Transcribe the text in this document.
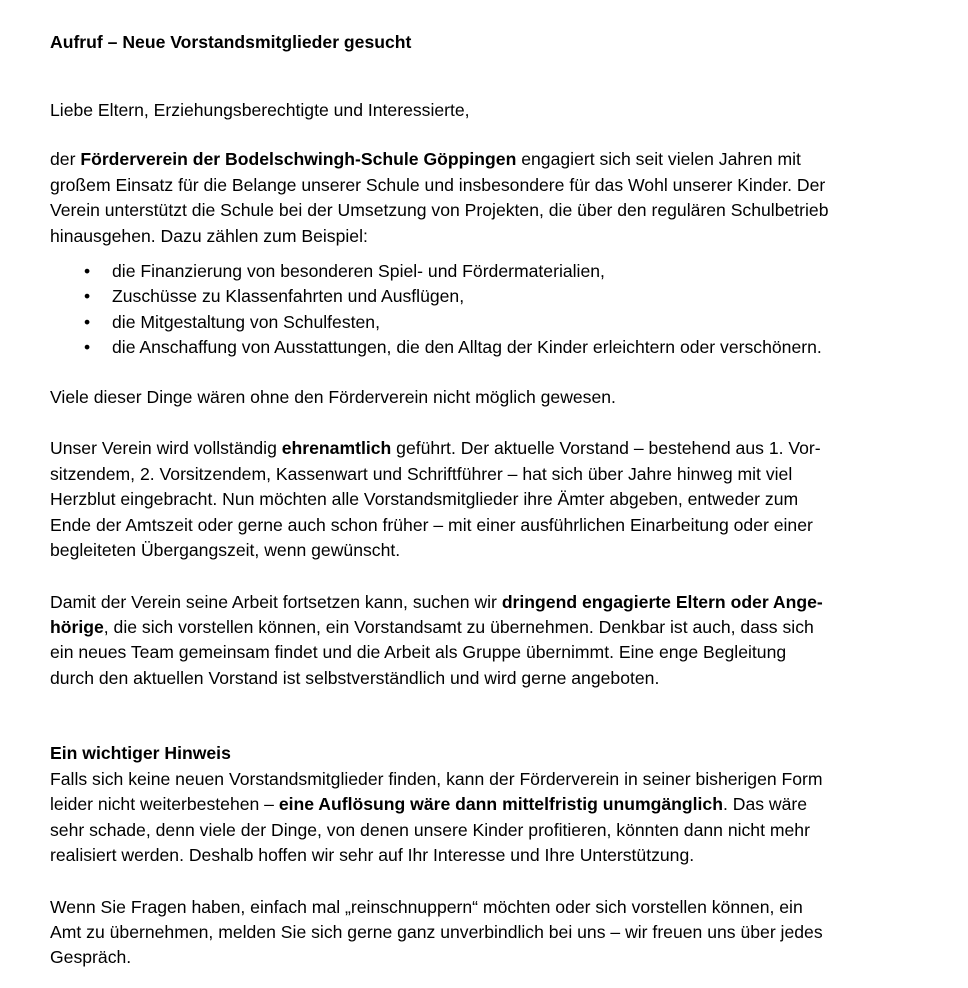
Aufruf – Neue Vorstandsmitglieder gesucht
Liebe Eltern, Erziehungsberechtigte und Interessierte,
der Förderverein der Bodelschwingh-Schule Göppingen engagiert sich seit vielen Jahren mit
großem Einsatz für die Belange unserer Schule und insbesondere für das Wohl unserer Kinder. Der
Verein unterstützt die Schule bei der Umsetzung von Projekten, die über den regulären Schulbetrieb
hinausgehen. Dazu zählen zum Beispiel:
• die Finanzierung von besonderen Spiel- und Fördermaterialien,
• Zuschüsse zu Klassenfahrten und Ausflügen,
• die Mitgestaltung von Schulfesten,
• die Anschaffung von Ausstattungen, die den Alltag der Kinder erleichtern oder verschönern.
Viele dieser Dinge wären ohne den Förderverein nicht möglich gewesen.
Unser Verein wird vollständig ehrenamtlich geführt. Der aktuelle Vorstand – bestehend aus 1. Vor-
sitzendem, 2. Vorsitzendem, Kassenwart und Schriftführer – hat sich über Jahre hinweg mit viel
Herzblut eingebracht. Nun möchten alle Vorstandsmitglieder ihre Ämter abgeben, entweder zum
Ende der Amtszeit oder gerne auch schon früher – mit einer ausführlichen Einarbeitung oder einer
begleiteten Übergangszeit, wenn gewünscht.
Damit der Verein seine Arbeit fortsetzen kann, suchen wir dringend engagierte Eltern oder Ange-
hörige, die sich vorstellen können, ein Vorstandsamt zu übernehmen. Denkbar ist auch, dass sich
ein neues Team gemeinsam findet und die Arbeit als Gruppe übernimmt. Eine enge Begleitung
durch den aktuellen Vorstand ist selbstverständlich und wird gerne angeboten.
Ein wichtiger Hinweis
Falls sich keine neuen Vorstandsmitglieder finden, kann der Förderverein in seiner bisherigen Form
leider nicht weiterbestehen – eine Auflösung wäre dann mittelfristig unumgänglich. Das wäre
sehr schade, denn viele der Dinge, von denen unsere Kinder profitieren, könnten dann nicht mehr
realisiert werden. Deshalb hoffen wir sehr auf Ihr Interesse und Ihre Unterstützung.
Wenn Sie Fragen haben, einfach mal „reinschnuppern“ möchten oder sich vorstellen können, ein
Amt zu übernehmen, melden Sie sich gerne ganz unverbindlich bei uns – wir freuen uns über jedes
Gespräch.
